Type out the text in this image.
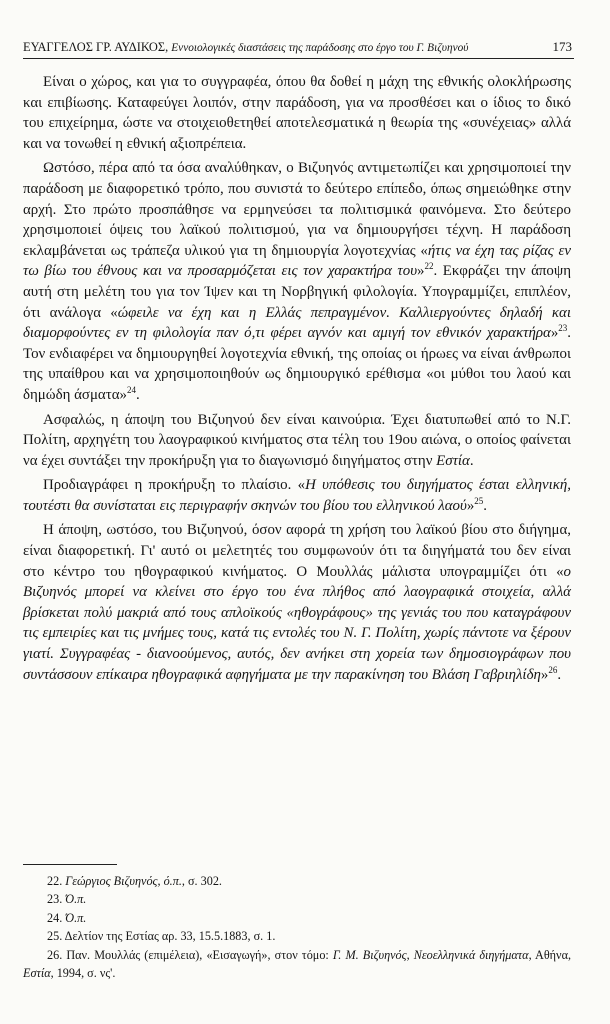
ΕΥΑΓΓΕΛΟΣ ΓΡ. ΑΥΔΙΚΟΣ, Εννοιολογικές διαστάσεις της παράδοσης στο έργο του Γ. Βιζυηνού	173

Είναι ο χώρος, και για το συγγραφέα, όπου θα δοθεί η μάχη της εθνικής ολοκλήρωσης και επιβίωσης. Καταφεύγει λοιπόν, στην παράδοση, για να προσθέσει και ο ίδιος το δικό του επιχείρημα, ώστε να στοιχειοθετηθεί αποτελεσματικά η θεωρία της «συνέχειας» αλλά και να τονωθεί η εθνική αξιοπρέπεια.

Ωστόσο, πέρα από τα όσα αναλύθηκαν, ο Βιζυηνός αντιμετωπίζει και χρησιμοποιεί την παράδοση με διαφορετικό τρόπο, που συνιστά το δεύτερο επίπεδο, όπως σημειώθηκε στην αρχή. Στο πρώτο προσπάθησε να ερμηνεύσει τα πολιτισμικά φαινόμενα. Στο δεύτερο χρησιμοποιεί όψεις του λαϊκού πολιτισμού, για να δημιουργήσει τέχνη. Η παράδοση εκλαμβάνεται ως τράπεζα υλικού για τη δημιουργία λογοτεχνίας «ήτις να έχη τας ρίζας εν τω βίω του έθνους και να προσαρμόζεται εις τον χαρακτήρα του»$^{22}$. Εκφράζει την άποψη αυτή στη μελέτη του για τον Ίψεν και τη Νορβηγική φιλολογία. Υπογραμμίζει, επιπλέον, ότι ανάλογα «ώφειλε να έχη και η Ελλάς πεπραγμένον. Καλλιεργούντες δηλαδή και διαμορφούντες εν τη φιλολογία παν ό,τι φέρει αγνόν και αμιγή τον εθνικόν χαρακτήρα»$^{23}$. Τον ενδιαφέρει να δημιουργηθεί λογοτεχνία εθνική, της οποίας οι ήρωες να είναι άνθρωποι της υπαίθρου και να χρησιμοποιηθούν ως δημιουργικό ερέθισμα «οι μύθοι του λαού και δημώδη άσματα»$^{24}$.

Ασφαλώς, η άποψη του Βιζυηνού δεν είναι καινούρια. Έχει διατυπωθεί από το Ν.Γ. Πολίτη, αρχηγέτη του λαογραφικού κινήματος στα τέλη του 19ου αιώνα, ο οποίος φαίνεται να έχει συντάξει την προκήρυξη για το διαγωνισμό διηγήματος στην Εστία.

Προδιαγράφει η προκήρυξη το πλαίσιο. «Η υπόθεσις του διηγήματος έσται ελληνική, τουτέστι θα συνίσταται εις περιγραφήν σκηνών του βίου του ελληνικού λαού»$^{25}$.

Η άποψη, ωστόσο, του Βιζυηνού, όσον αφορά τη χρήση του λαϊκού βίου στο διήγημα, είναι διαφορετική. Γι' αυτό οι μελετητές του συμφωνούν ότι τα διηγήματά του δεν είναι στο κέντρο του ηθογραφικού κινήματος. Ο Μουλλάς μάλιστα υπογραμμίζει ότι «ο Βιζυηνός μπορεί να κλείνει στο έργο του ένα πλήθος από λαογραφικά στοιχεία, αλλά βρίσκεται πολύ μακριά από τους απλοϊκούς «ηθογράφους» της γενιάς του που καταγράφουν τις εμπειρίες και τις μνήμες τους, κατά τις εντολές του Ν. Γ. Πολίτη, χωρίς πάντοτε να ξέρουν γιατί. Συγγραφέας - διανοούμενος, αυτός, δεν ανήκει στη χορεία των δημοσιογράφων που συντάσσουν επίκαιρα ηθογραφικά αφηγήματα με την παρακίνηση του Βλάση Γαβριηλίδη»$^{26}$.

22. Γεώργιος Βιζυηνός, ό.π., σ. 302.
23. Ό.π.
24. Ό.π.
25. Δελτίον της Εστίας αρ. 33, 15.5.1883, σ. 1.
26. Παν. Μουλλάς (επιμέλεια), «Εισαγωγή», στον τόμο: Γ. Μ. Βιζυηνός, Νεοελληνικά διηγήματα, Αθήνα, Εστία, 1994, σ. νς'.
